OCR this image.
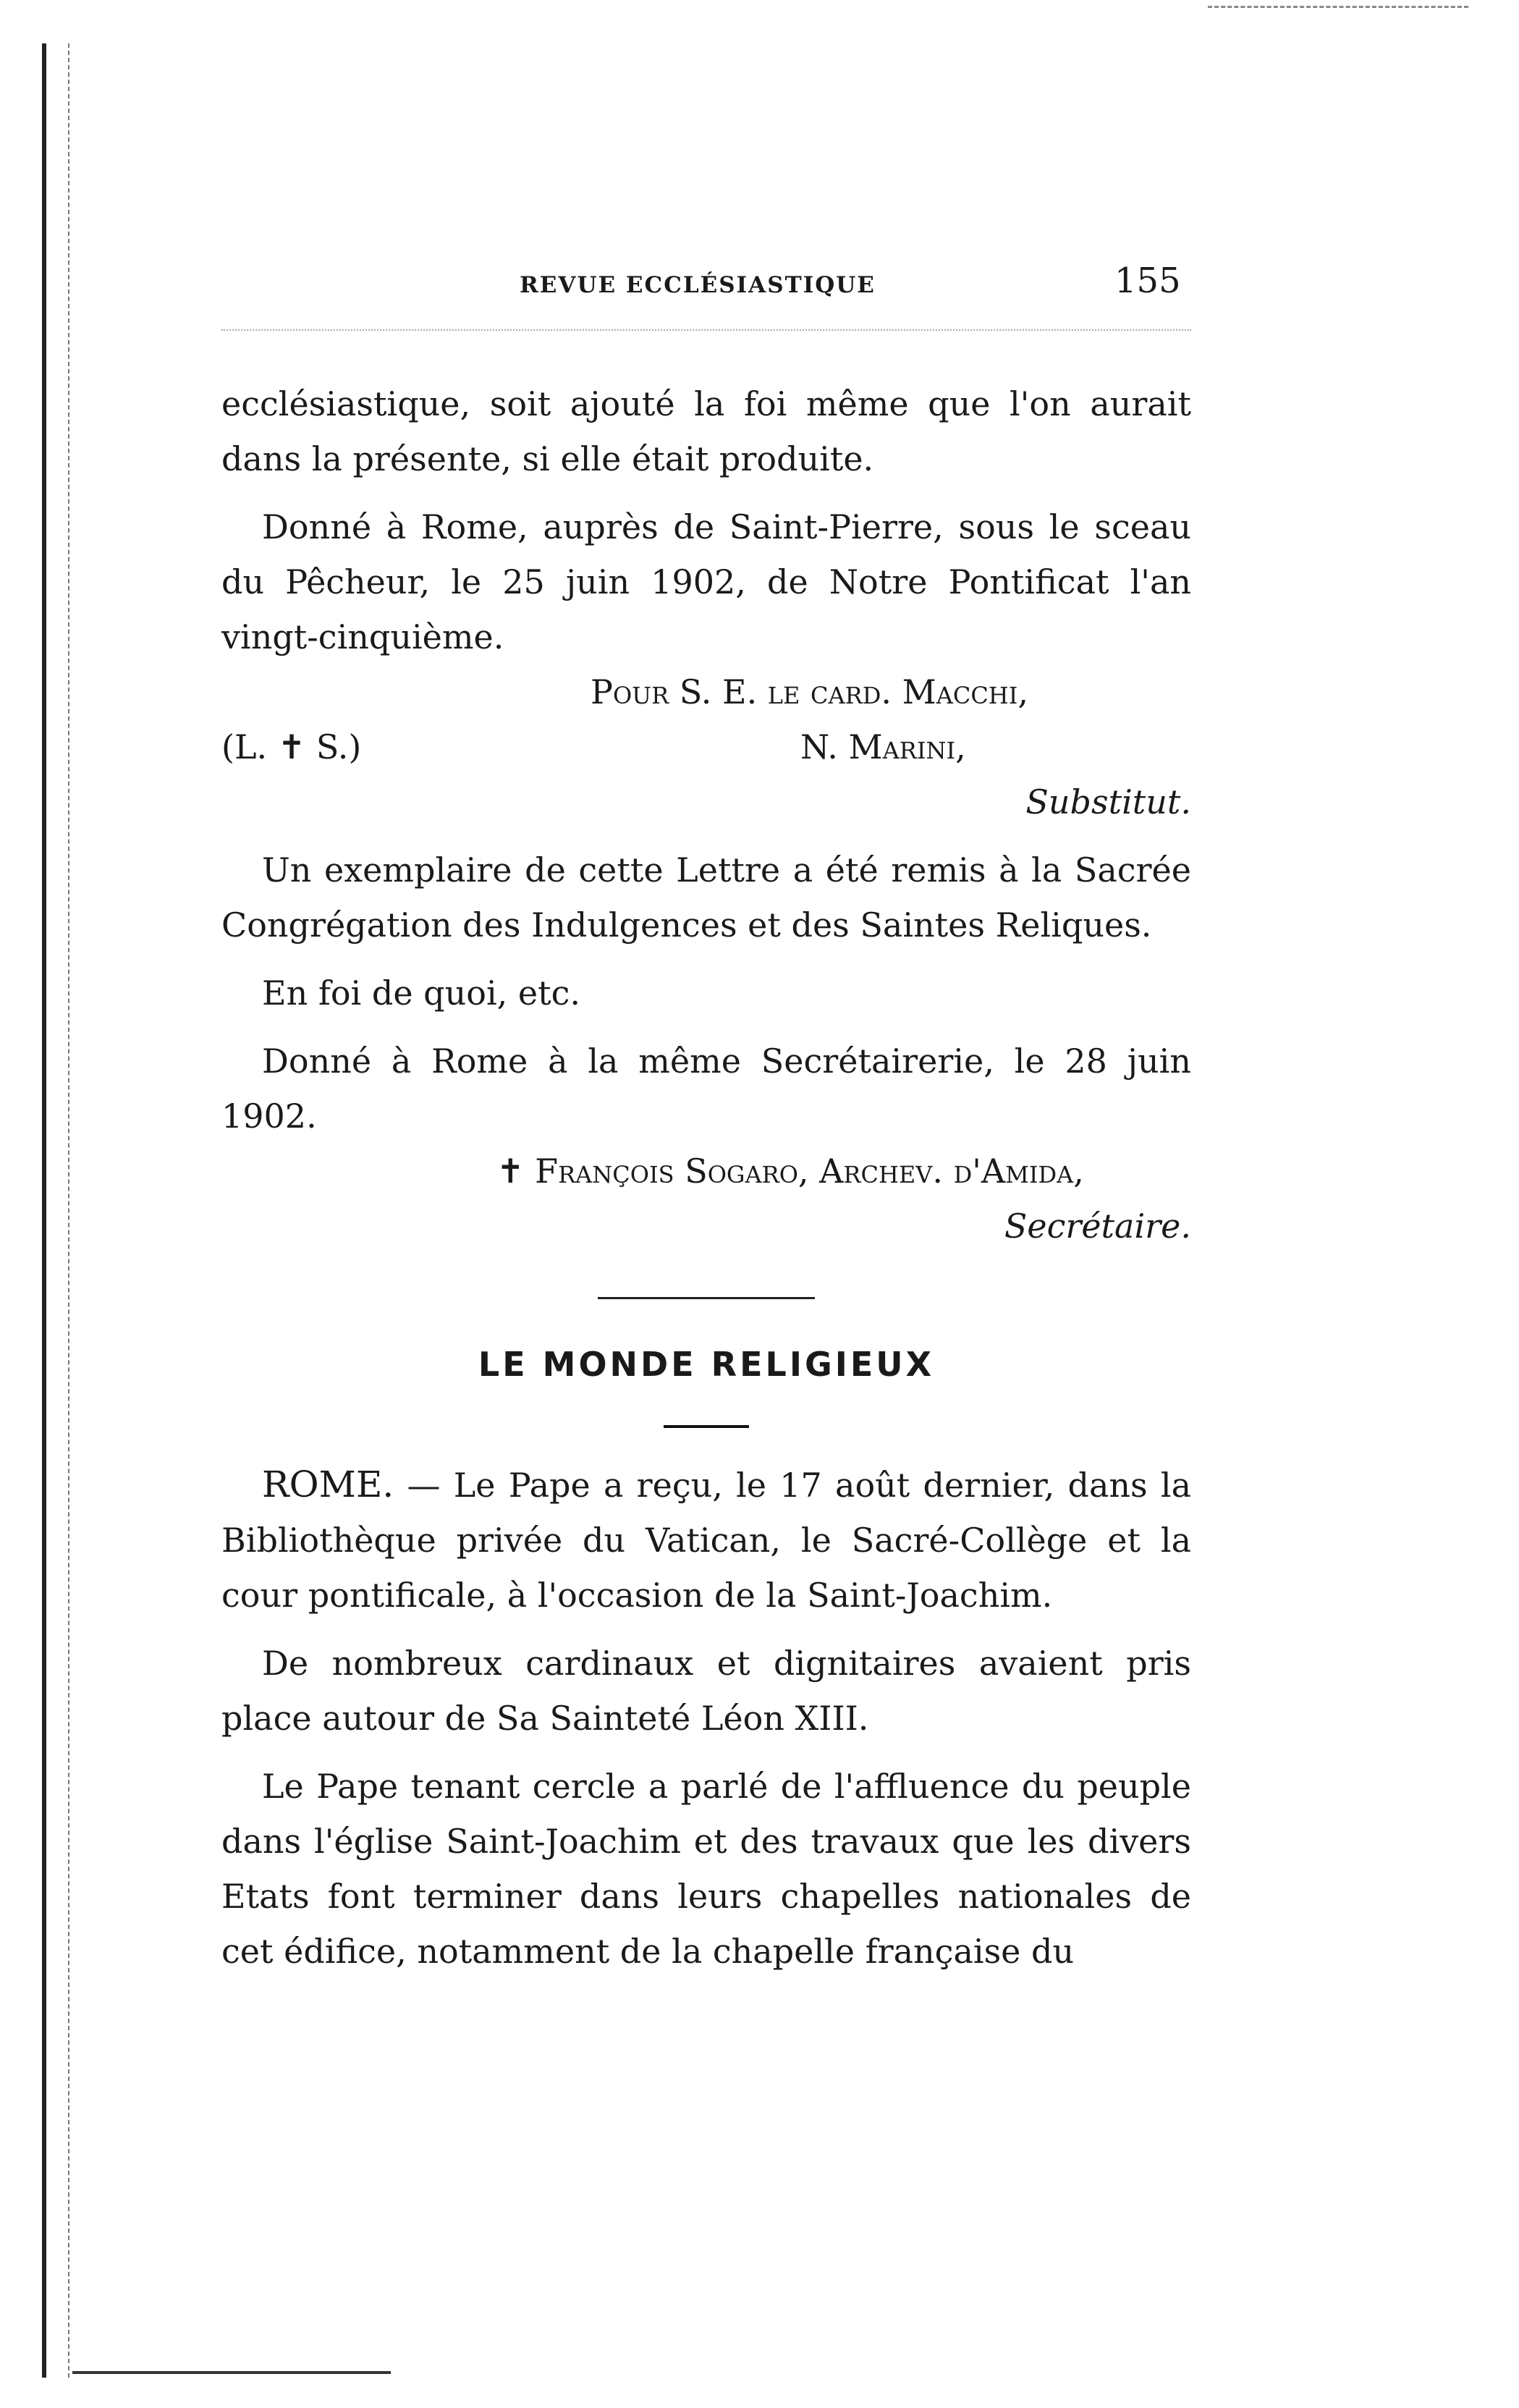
REVUE ECCLÉSIASTIQUE	155

ecclésiastique, soit ajouté la foi même que l'on aurait dans la présente, si elle était produite.

Donné à Rome, auprès de Saint-Pierre, sous le sceau du Pêcheur, le 25 juin 1902, de Notre Pontificat l'an vingt-cinquième.

Pour S. E. le card. Macchi,
(L. ✝ S.)	N. Marini,
Substitut.

Un exemplaire de cette Lettre a été remis à la Sacrée Congrégation des Indulgences et des Saintes Reliques.

En foi de quoi, etc.

Donné à Rome à la même Secrétairerie, le 28 juin 1902.

✝ François Sogaro, Archev. d'Amida,
Secrétaire.
LE MONDE RELIGIEUX

ROME. — Le Pape a reçu, le 17 août dernier, dans la Bibliothèque privée du Vatican, le Sacré-Collège et la cour pontificale, à l'occasion de la Saint-Joachim.

De nombreux cardinaux et dignitaires avaient pris place autour de Sa Sainteté Léon XIII.

Le Pape tenant cercle a parlé de l'affluence du peuple dans l'église Saint-Joachim et des travaux que les divers Etats font terminer dans leurs chapelles nationales de cet édifice, notamment de la chapelle française du
